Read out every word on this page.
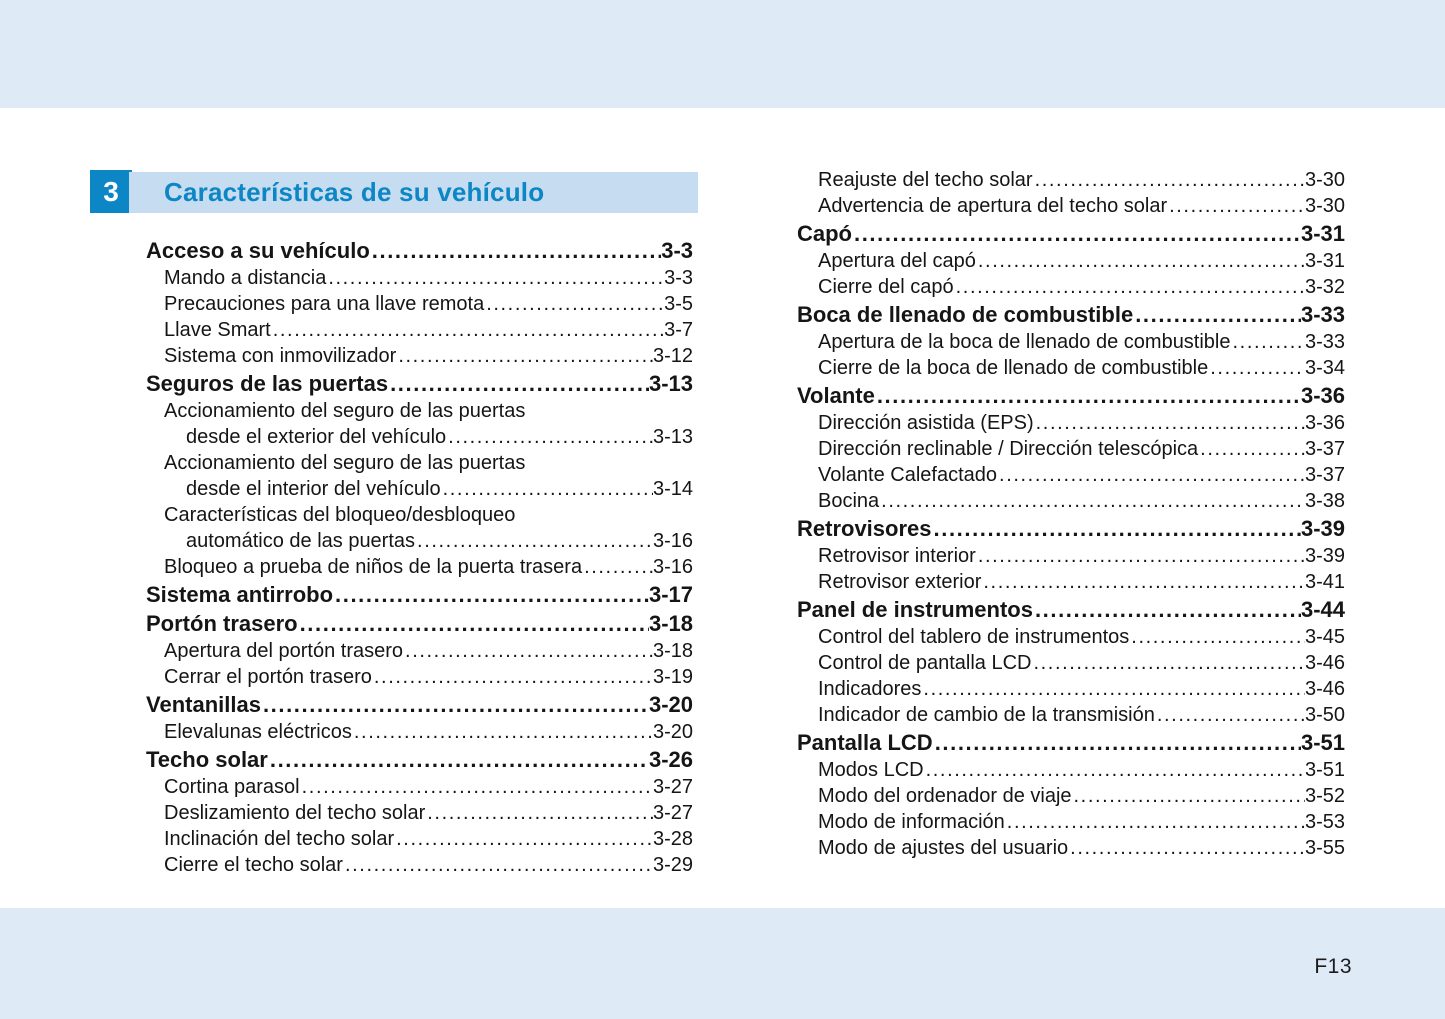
3	Características de su vehículo
Acceso a su vehículo .....	3-3
Mando a distancia .....	3-3
Precauciones para una llave remota .....	3-5
Llave Smart .....	3-7
Sistema con inmovilizador .....	3-12
Seguros de las puertas .....	3-13
Accionamiento del seguro de las puertas
desde el exterior del vehículo .....	3-13
Accionamiento del seguro de las puertas
desde el interior del vehículo .....	3-14
Características del bloqueo/desbloqueo
automático de las puertas .....	3-16
Bloqueo a prueba de niños de la puerta trasera .....	3-16
Sistema antirrobo .....	3-17
Portón trasero .....	3-18
Apertura del portón trasero .....	3-18
Cerrar el portón trasero .....	3-19
Ventanillas .....	3-20
Elevalunas eléctricos .....	3-20
Techo solar .....	3-26
Cortina parasol .....	3-27
Deslizamiento del techo solar .....	3-27
Inclinación del techo solar .....	3-28
Cierre el techo solar .....	3-29
Reajuste del techo solar .....	3-30
Advertencia de apertura del techo solar .....	3-30
Capó .....	3-31
Apertura del capó .....	3-31
Cierre del capó .....	3-32
Boca de llenado de combustible .....	3-33
Apertura de la boca de llenado de combustible .....	3-33
Cierre de la boca de llenado de combustible .....	3-34
Volante .....	3-36
Dirección asistida (EPS) .....	3-36
Dirección reclinable / Dirección telescópica .....	3-37
Volante Calefactado .....	3-37
Bocina .....	3-38
Retrovisores .....	3-39
Retrovisor interior .....	3-39
Retrovisor exterior .....	3-41
Panel de instrumentos .....	3-44
Control del tablero de instrumentos .....	3-45
Control de pantalla LCD .....	3-46
Indicadores .....	3-46
Indicador de cambio de la transmisión .....	3-50
Pantalla LCD .....	3-51
Modos LCD .....	3-51
Modo del ordenador de viaje .....	3-52
Modo de información .....	3-53
Modo de ajustes del usuario .....	3-55
F13
